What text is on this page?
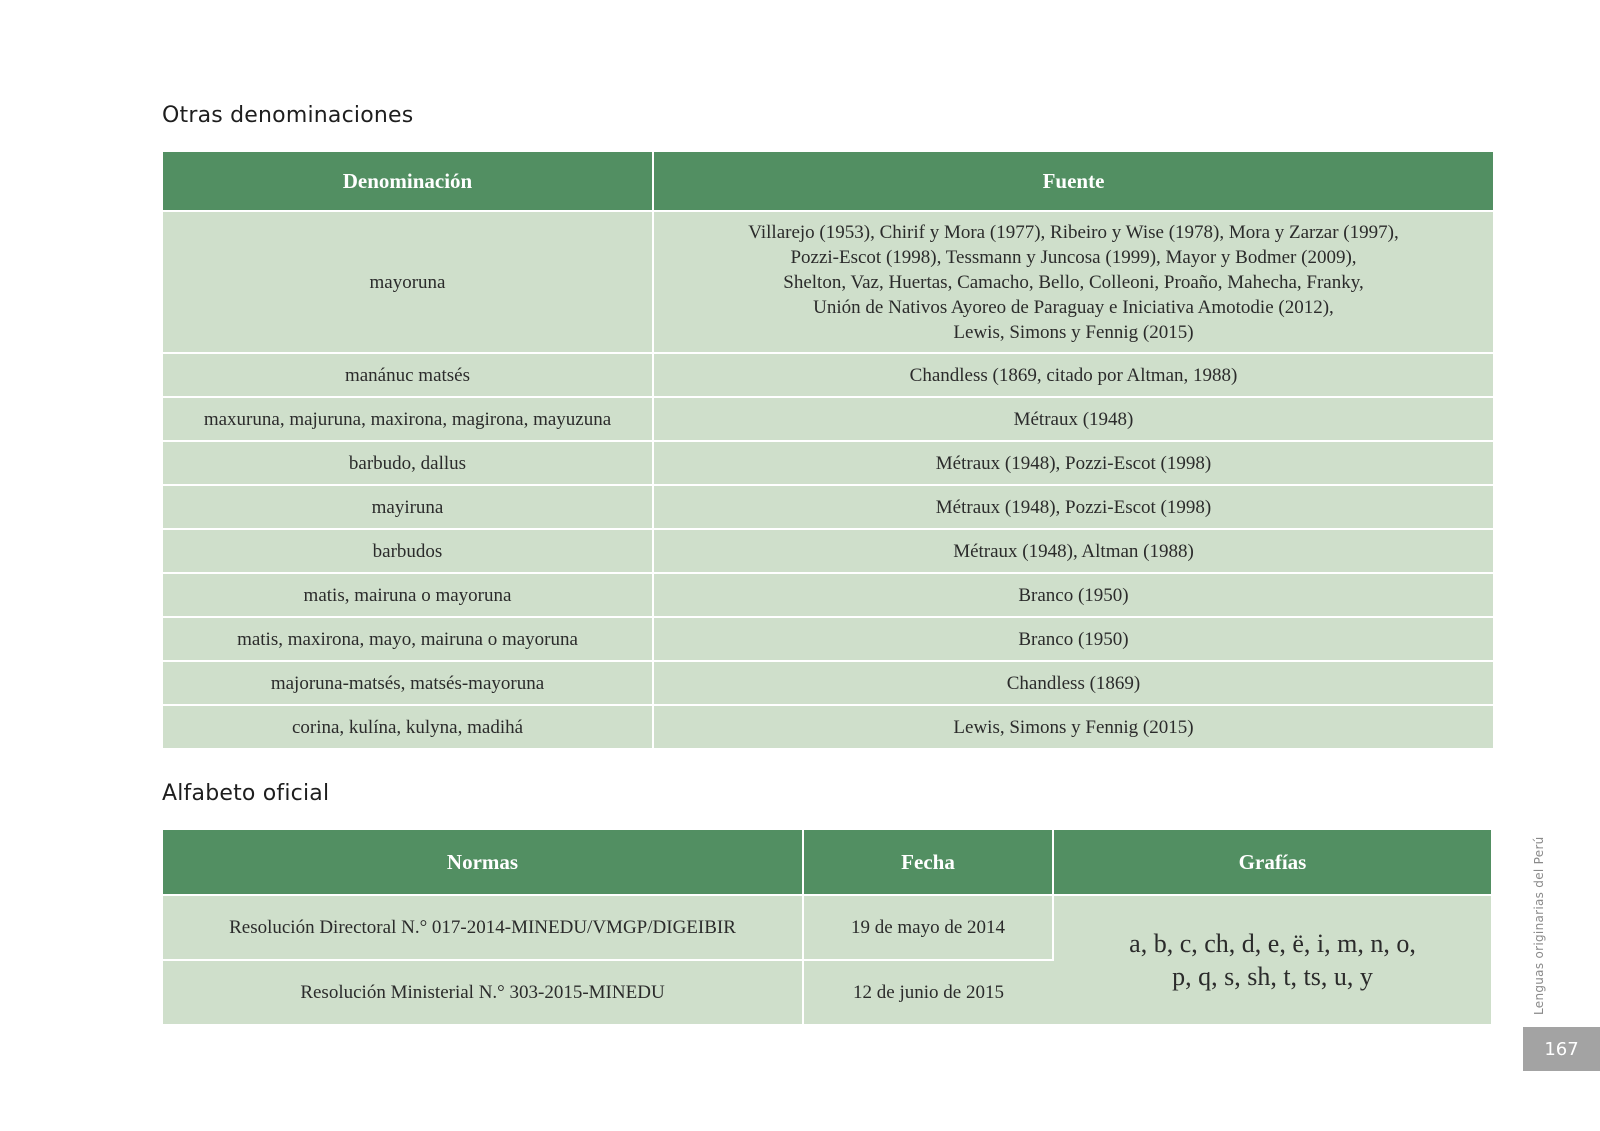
Otras denominaciones
Denominación	Fuente
mayoruna	Villarejo (1953), Chirif y Mora (1977), Ribeiro y Wise (1978), Mora y Zarzar (1997),
Pozzi-Escot (1998), Tessmann y Juncosa (1999), Mayor y Bodmer (2009),
Shelton, Vaz, Huertas, Camacho, Bello, Colleoni, Proaño, Mahecha, Franky,
Unión de Nativos Ayoreo de Paraguay e Iniciativa Amotodie (2012),
Lewis, Simons y Fennig (2015)

manánuc matsés	Chandless (1869, citado por Altman, 1988)
maxuruna, majuruna, maxirona, magirona, mayuzuna	Métraux (1948)
barbudo, dallus	Métraux (1948), Pozzi-Escot (1998)
mayiruna	Métraux (1948), Pozzi-Escot (1998)
barbudos	Métraux (1948), Altman (1988)
matis, mairuna o mayoruna	Branco (1950)
matis, maxirona, mayo, mairuna o mayoruna	Branco (1950)
majoruna-matsés, matsés-mayoruna	Chandless (1869)
corina, kulína, kulyna, madihá	Lewis, Simons y Fennig (2015)
Alfabeto oficial
Normas	Fecha	Grafías
Resolución Directoral N.° 017-2014-MINEDU/VMGP/DIGEIBIR	19 de mayo de 2014	a, b, c, ch, d, e, ë, i, m, n, o,
p, q, s, sh, t, ts, u, y

Resolución Ministerial N.° 303-2015-MINEDU	12 de junio de 2015		Lenguas originarias del Perú
167
